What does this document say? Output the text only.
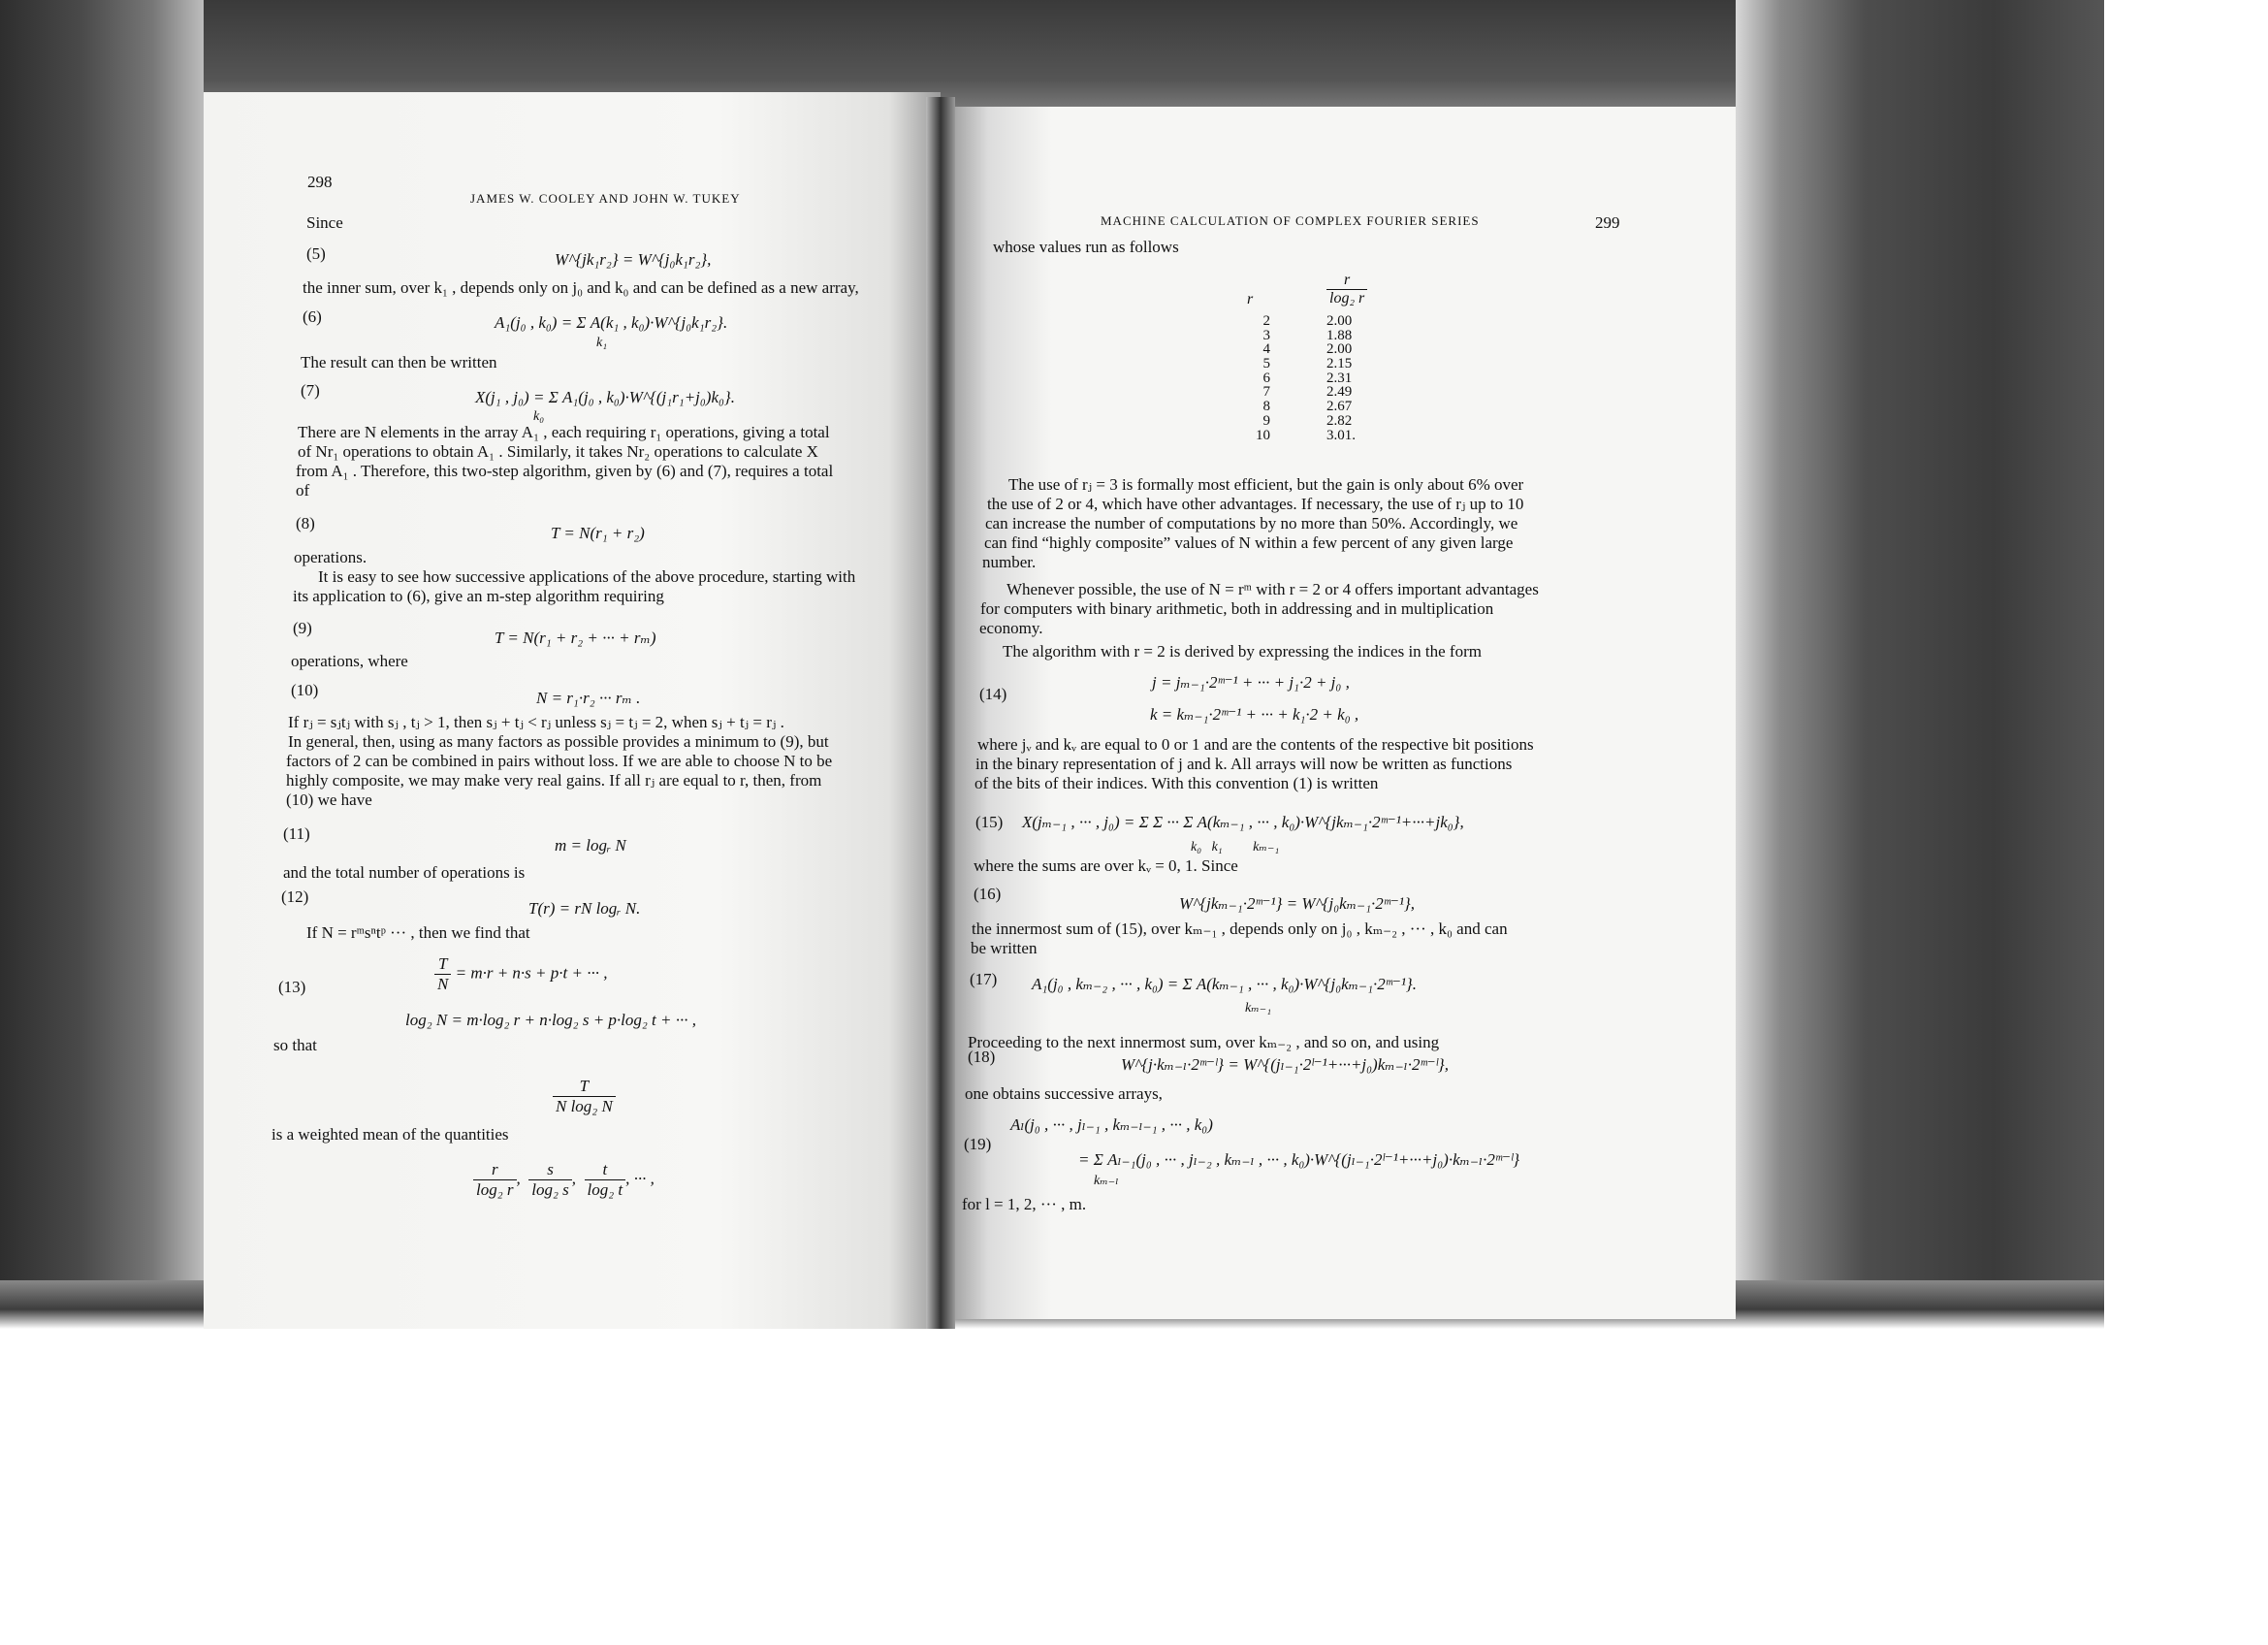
298
JAMES W. COOLEY AND JOHN W. TUKEY
Since
(5)	W^{jk₁r₂} = W^{j₀k₁r₂},
the inner sum, over k₁ , depends only on j₀ and k₀ and can be defined as a new array,
(6)	A₁(j₀ , k₀) = Σ A(k₁ , k₀)·W^{j₀k₁r₂}.
k₁
The result can then be written
(7)	X(j₁ , j₀) = Σ A₁(j₀ , k₀)·W^{(j₁r₁+j₀)k₀}.
k₀
There are N elements in the array A₁ , each requiring r₁ operations, giving a total
of Nr₁ operations to obtain A₁ . Similarly, it takes Nr₂ operations to calculate X
from A₁ . Therefore, this two-step algorithm, given by (6) and (7), requires a total
of
(8)
T = N(r₁ + r₂)
operations.
It is easy to see how successive applications of the above procedure, starting with
its application to (6), give an m-step algorithm requiring
(9)
T = N(r₁ + r₂ + ··· + rₘ)
operations, where
(10)	N = r₁·r₂ ··· rₘ .
If rⱼ = sⱼtⱼ with sⱼ , tⱼ > 1, then sⱼ + tⱼ < rⱼ unless sⱼ = tⱼ = 2, when sⱼ + tⱼ = rⱼ .
In general, then, using as many factors as possible provides a minimum to (9), but
factors of 2 can be combined in pairs without loss. If we are able to choose N to be
highly composite, we may make very real gains. If all rⱼ are equal to r, then, from
(10) we have
(11)
m = logᵣ N
and the total number of operations is
(12)
T(r) = rN logᵣ N.
If N = rᵐsⁿtᵖ ··· , then we find that
(13)	$\frac{T}{N} = m\cdot r + n\cdot s + p\cdot t$ + ··· ,
log₂ N = m·log₂ r + n·log₂ s + p·log₂ t + ··· ,
so that
$\frac{T}{\text{N log₂ N}}$
is a weighted mean of the quantities
$\frac{r}{\text{log₂ r}}$ , $\frac{s}{\text{log₂ s}}$ , $\frac{t}{\text{log₂ t}}$ , ··· ,
MACHINE CALCULATION OF COMPLEX FOURIER SERIES	299
whose values run as follows
r	$\frac{r}{\text{log₂ r}}$
2	2.00
3	1.88
4	2.00
5	2.15
6	2.31
7	2.49
8	2.67
9	2.82
10	3.01.
The use of rⱼ = 3 is formally most efficient, but the gain is only about 6% over
the use of 2 or 4, which have other advantages. If necessary, the use of rⱼ up to 10
can increase the number of computations by no more than 50%. Accordingly, we
can find “highly composite” values of N within a few percent of any given large
number.
Whenever possible, the use of N = rᵐ with r = 2 or 4 offers important advantages
for computers with binary arithmetic, both in addressing and in multiplication
economy.
The algorithm with r = 2 is derived by expressing the indices in the form
(14)
j = jₘ₋₁·2ᵐ⁻¹ + ··· + j₁·2 + j₀ ,
k = kₘ₋₁·2ᵐ⁻¹ + ··· + k₁·2 + k₀ ,
where jᵥ and kᵥ are equal to 0 or 1 and are the contents of the respective bit positions
in the binary representation of j and k. All arrays will now be written as functions
of the bits of their indices. With this convention (1) is written
(15) X(jₘ₋₁ , ··· , j₀) = Σ Σ ··· Σ A(kₘ₋₁ , ··· , k₀)·W^{jkₘ₋₁·2ᵐ⁻¹+···+jk₀},
k₀   k₁         kₘ₋₁
where the sums are over kᵥ = 0, 1. Since
(16)
W^{jkₘ₋₁·2ᵐ⁻¹} = W^{j₀kₘ₋₁·2ᵐ⁻¹},
the innermost sum of (15), over kₘ₋₁ , depends only on j₀ , kₘ₋₂ , ··· , k₀ and can
be written
(17) A₁(j₀ , kₘ₋₂ , ··· , k₀) = Σ A(kₘ₋₁ , ··· , k₀)·W^{j₀kₘ₋₁·2ᵐ⁻¹}.
kₘ₋₁
Proceeding to the next innermost sum, over kₘ₋₂ , and so on, and using
(18)	W^{j·kₘ₋ₗ·2ᵐ⁻ˡ} = W^{(jₗ₋₁·2ˡ⁻¹+···+j₀)kₘ₋ₗ·2ᵐ⁻ˡ},
one obtains successive arrays,
(19)
Aₗ(j₀ , ··· , jₗ₋₁ , kₘ₋ₗ₋₁ , ··· , k₀)
= Σ Aₗ₋₁(j₀ , ··· , jₗ₋₂ , kₘ₋ₗ , ··· , k₀)·W^{(jₗ₋₁·2ˡ⁻¹+···+j₀)·kₘ₋ₗ·2ᵐ⁻ˡ}
kₘ₋ₗ
for l = 1, 2, ··· , m.
